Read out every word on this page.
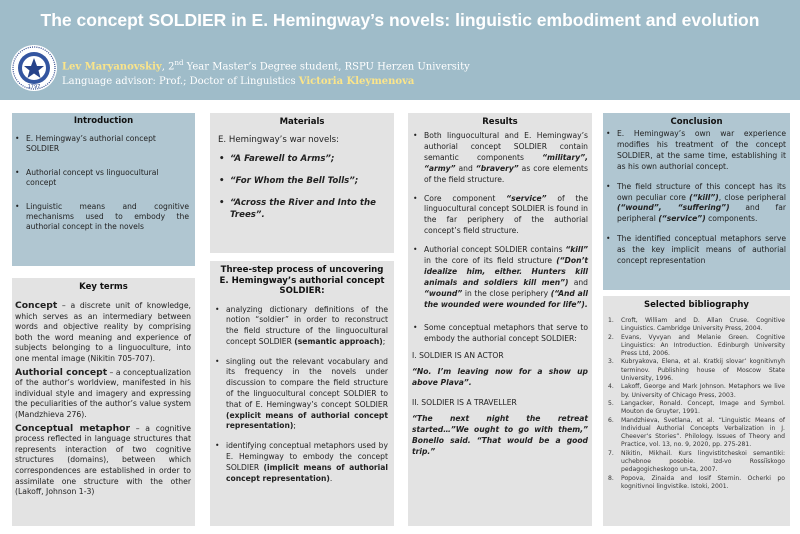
The concept SOLDIER in E. Hemingway’s novels: linguistic embodiment and evolution
1797
Lev Maryanovskiy, 2nd Year Master’s Degree student, RSPU Herzen University
Language advisor: Prof.; Doctor of Linguistics Victoria Kleymenova
Introduction
• E. Hemingway’s authorial concept SOLDIER
• Authorial concept vs linguocultural concept
• Linguistic means and cognitive mechanisms used to embody the authorial concept in the novels
Key terms

Concept – a discrete unit of knowledge, which serves as an intermediary between words and objective reality by comprising both the word meaning and experience of subjects belonging to a linguoculture, into one mental image (Nikitin 705-707).

Authorial concept – a conceptualization of the author’s worldview, manifested in his individual style and imagery and expressing the peculiarities of the author’s value system (Mandzhieva 276).

Conceptual metaphor – a cognitive process reflected in language structures that represents interaction of two cognitive structures (domains), between which correspondences are established in order to assimilate one structure with the other (Lakoff, Johnson 1-3)

Materials
E. Hemingway’s war novels:
• “A Farewell to Arms”;
• “For Whom the Bell Tolls”;
• “Across the River and Into the Trees”.
Three-step process of uncovering E. Hemingway’s authorial concept SOLDIER:
• analyzing dictionary definitions of the notion “soldier” in order to reconstruct the field structure of the linguocultural concept SOLDIER (semantic approach);
• singling out the relevant vocabulary and its frequency in the novels under discussion to compare the field structure of the linguocultural concept SOLDIER to that of E. Hemingway’s concept SOLDIER (explicit means of authorial concept representation);
• identifying conceptual metaphors used by E. Hemingway to embody the concept SOLDIER (implicit means of authorial concept representation).
Results
• Both linguocultural and E. Hemingway’s authorial concept SOLDIER contain semantic components “military”, “army” and “bravery” as core elements of the field structure.
• Core component “service” of the linguocultural concept SOLDIER is found in the far periphery of the authorial concept’s field structure.
• Authorial concept SOLDIER contains “kill” in the core of its field structure (“Don’t idealize him, either. Hunters kill animals and soldiers kill men”) and “wound” in the close periphery (“And all the wounded were wounded for life”).
• Some conceptual metaphors that serve to embody the authorial concept SOLDIER:

I. SOLDIER IS AN ACTOR

“No. I’m leaving now for a show up above Plava”.

II. SOLDIER IS A TRAVELLER

“The next night the retreat started…”We ought to go with them,” Bonello said. “That would be a good trip.”

Conclusion
• E. Hemingway’s own war experience modifies his treatment of the concept SOLDIER, at the same time, establishing it as his own authorial concept.
• The field structure of this concept has its own peculiar core (“kill”), close peripheral (“wound”, “suffering”) and far peripheral (“service”) components.
• The identified conceptual metaphors serve as the key implicit means of authorial concept representation
Selected bibliography
1. Croft, William and D. Allan Cruse. Cognitive Linguistics. Cambridge University Press, 2004.
2. Evans, Vyvyan and Melanie Green. Cognitive Linguistics: An Introduction. Edinburgh University Press Ltd, 2006.
3. Kubryakova, Elena, et al. Kratkij slovar’ kognitivnyh terminov. Publishing house of Moscow State University, 1996.
4. Lakoff, George and Mark Johnson. Metaphors we live by. University of Chicago Press, 2003.
5. Langacker, Ronald. Concept, Image and Symbol. Mouton de Gruyter, 1991.
6. Mandzhieva, Svetlana, et al. “Linguistic Means of Individual Authorial Concepts Verbalization in J. Cheever’s Stories”. Philology. Issues of Theory and Practice, vol. 13, no. 9, 2020, pp. 275-281.
7. Nikitin, Mikhail. Kurs lingvistitcheskoi semantiki: uchebnoe posobie. Izd-vo Rossiĭskogo pedagogicheskogo un-ta, 2007.
8. Popova, Zinaida and Iosif Sternin. Ocherki po kognitivnoi lingvistike. Istoki, 2001.
